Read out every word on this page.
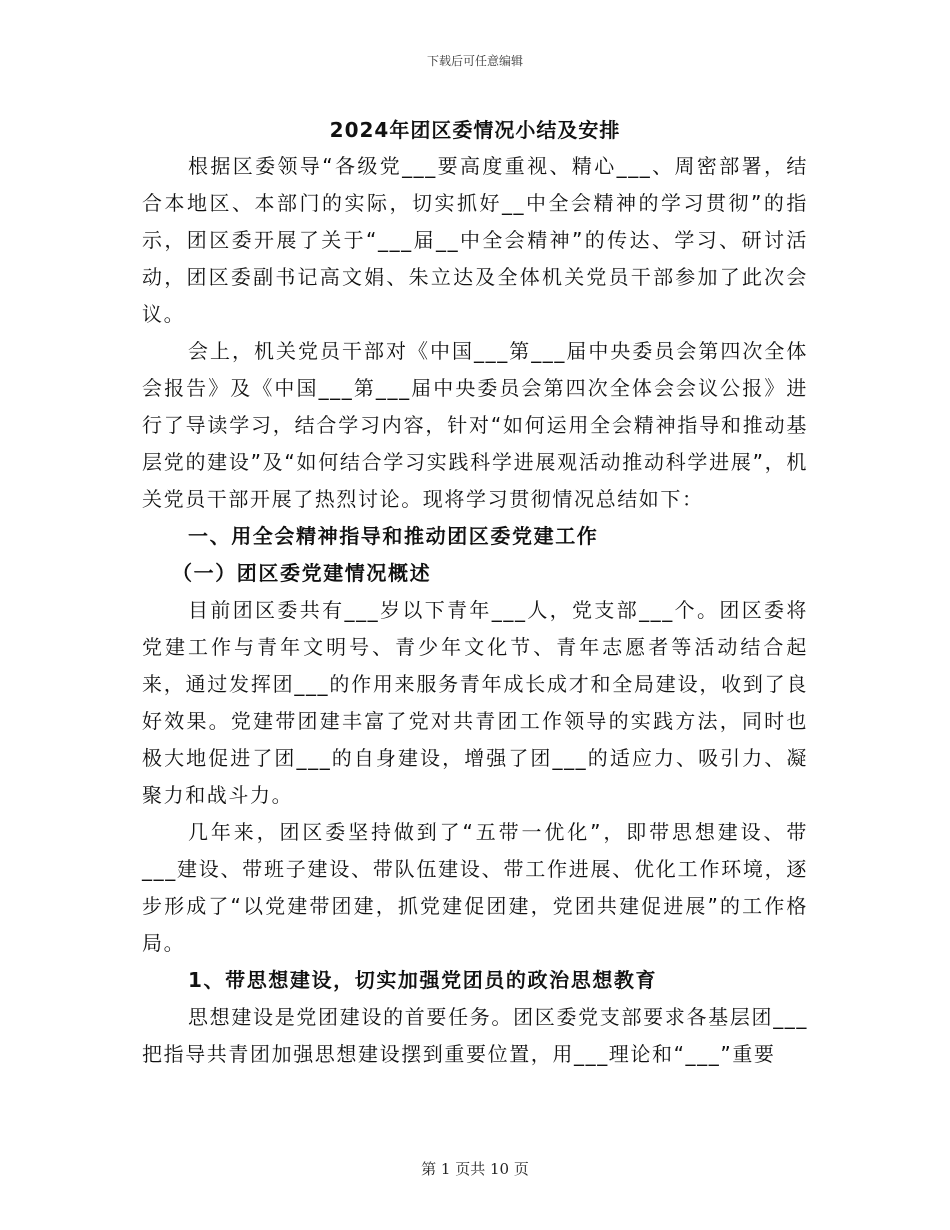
下载后可任意编辑
2024年团区委情况小结及安排

根据区委领导“各级党___要高度重视、精心___、周密部署，结合本地区、本部门的实际，切实抓好__中全会精神的学习贯彻”的指示，团区委开展了关于“___届__中全会精神”的传达、学习、研讨活动，团区委副书记高文娟、朱立达及全体机关党员干部参加了此次会议。

会上，机关党员干部对《中国___第___届中央委员会第四次全体会报告》及《中国___第___届中央委员会第四次全体会会议公报》进行了导读学习，结合学习内容，针对“如何运用全会精神指导和推动基层党的建设”及“如何结合学习实践科学进展观活动推动科学进展”，机关党员干部开展了热烈讨论。现将学习贯彻情况总结如下：

一、用全会精神指导和推动团区委党建工作

（一）团区委党建情况概述

目前团区委共有___岁以下青年___人，党支部___个。团区委将党建工作与青年文明号、青少年文化节、青年志愿者等活动结合起来，通过发挥团___的作用来服务青年成长成才和全局建设，收到了良好效果。党建带团建丰富了党对共青团工作领导的实践方法，同时也极大地促进了团___的自身建设，增强了团___的适应力、吸引力、凝聚力和战斗力。

几年来，团区委坚持做到了“五带一优化”，即带思想建设、带___建设、带班子建设、带队伍建设、带工作进展、优化工作环境，逐步形成了“以党建带团建，抓党建促团建，党团共建促进展”的工作格局。

1、带思想建设，切实加强党团员的政治思想教育

思想建设是党团建设的首要任务。团区委党支部要求各基层团___把指导共青团加强思想建设摆到重要位置，用___理论和“___”重要

第 1 页共 10 页
